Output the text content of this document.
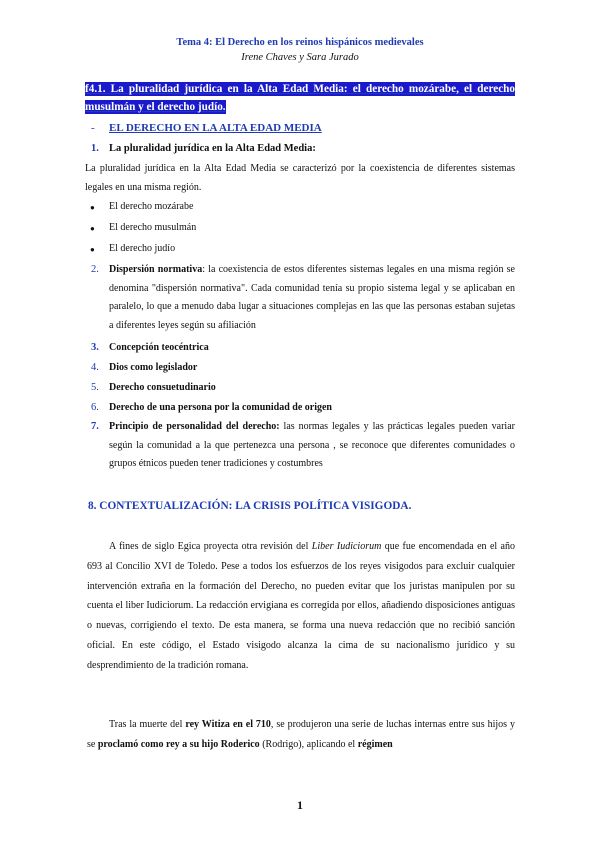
Tema 4: El Derecho en los reinos hispánicos medievales
Irene Chaves y Sara Jurado
f4.1. La pluralidad jurídica en la Alta Edad Media: el derecho mozárabe, el derecho musulmán y el derecho judío.
- EL DERECHO EN LA ALTA EDAD MEDIA
1. La pluralidad jurídica en la Alta Edad Media:
La pluralidad jurídica en la Alta Edad Media se caracterizó por la coexistencia de diferentes sistemas legales en una misma región.
● El derecho mozárabe
● El derecho musulmán
● El derecho judío
2. Dispersión normativa: la coexistencia de estos diferentes sistemas legales en una misma región se denomina "dispersión normativa". Cada comunidad tenía su propio sistema legal y se aplicaban en paralelo, lo que a menudo daba lugar a situaciones complejas en las que las personas estaban sujetas a diferentes leyes según su afiliación
3. Concepción teocéntrica
4. Dios como legislador
5. Derecho consuetudinario
6. Derecho de una persona por la comunidad de origen
7. Principio de personalidad del derecho: las normas legales y las prácticas legales pueden variar según la comunidad a la que pertenezca una persona , se reconoce que diferentes comunidades o grupos étnicos pueden tener tradiciones y costumbres
8. CONTEXTUALIZACIÓN: LA CRISIS POLÍTICA VISIGODA.
A fines de siglo Egica proyecta otra revisión del Liber Iudiciorum que fue encomendada en el año 693 al Concilio XVI de Toledo. Pese a todos los esfuerzos de los reyes visigodos para excluir cualquier intervención extraña en la formación del Derecho, no pueden evitar que los juristas manipulen por su cuenta el liber Iudiciorum. La redacción ervigiana es corregida por ellos, añadiendo disposiciones antiguas o nuevas, corrigiendo el texto. De esta manera, se forma una nueva redacción que no recibió sanción oficial. En este código, el Estado visigodo alcanza la cima de su nacionalismo jurídico y su desprendimiento de la tradición romana.
Tras la muerte del rey Witiza en el 710, se produjeron una serie de luchas internas entre sus hijos y se proclamó como rey a su hijo Roderico (Rodrigo), aplicando el régimen
1
